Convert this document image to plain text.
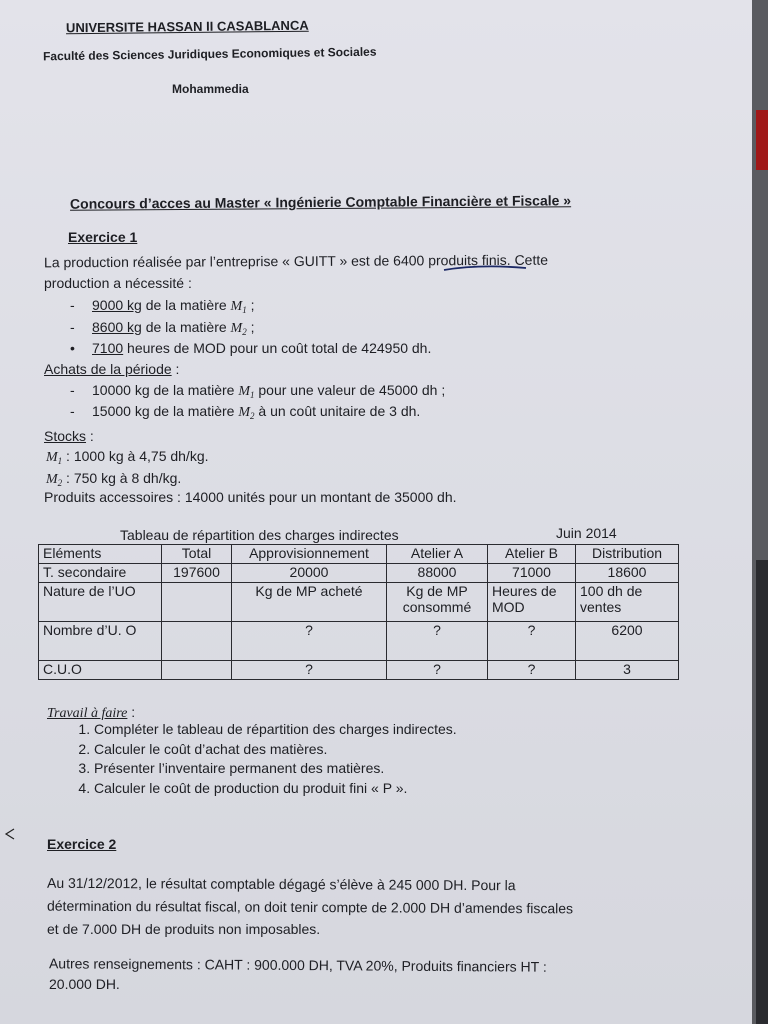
UNIVERSITE HASSAN II CASABLANCA
Faculté des Sciences Juridiques Economiques et Sociales
Mohammedia
Concours d’acces au Master « Ingénierie Comptable Financière et Fiscale »
Exercice 1
La production réalisée par l’entreprise « GUITT » est de 6400 produits finis. Cette
production a nécessité :
- 9000 kg de la matière $M_1$ ;
- 8600 kg de la matière $M_2$ ;
• 7100 heures de MOD pour un coût total de 424950 dh.
Achats de la période :
- 10000 kg de la matière $M_1$ pour une valeur de 45000 dh ;
- 15000 kg de la matière $M_2$ à un coût unitaire de 3 dh.
Stocks :
$M_1$ : 1000 kg à 4,75 dh/kg.
$M_2$ : 750 kg à 8 dh/kg.
Produits accessoires : 14000 unités pour un montant de 35000 dh.
Tableau de répartition des charges indirectes	Juin 2014
Eléments	Total	Approvisionnement	Atelier A	Atelier B	Distribution
T. secondaire	197600	20000	88000	71000	18600
Nature de l’UO		Kg de MP acheté	Kg de MP consommé	Heures de MOD	100 dh de ventes
Nombre d’U. O		?	?	?	6200
C.U.O		?	?	?	3
Travail à faire :
1. Compléter le tableau de répartition des charges indirectes.
2. Calculer le coût d’achat des matières.
3. Présenter l’inventaire permanent des matières.
4. Calculer le coût de production du produit fini « P ».
Exercice 2
Au 31/12/2012, le résultat comptable dégagé s’élève à 245 000 DH. Pour la
détermination du résultat fiscal, on doit tenir compte de 2.000 DH d’amendes fiscales
et de 7.000 DH de produits non imposables.
Autres renseignements : CAHT : 900.000 DH, TVA 20%, Produits financiers HT :
20.000 DH.
